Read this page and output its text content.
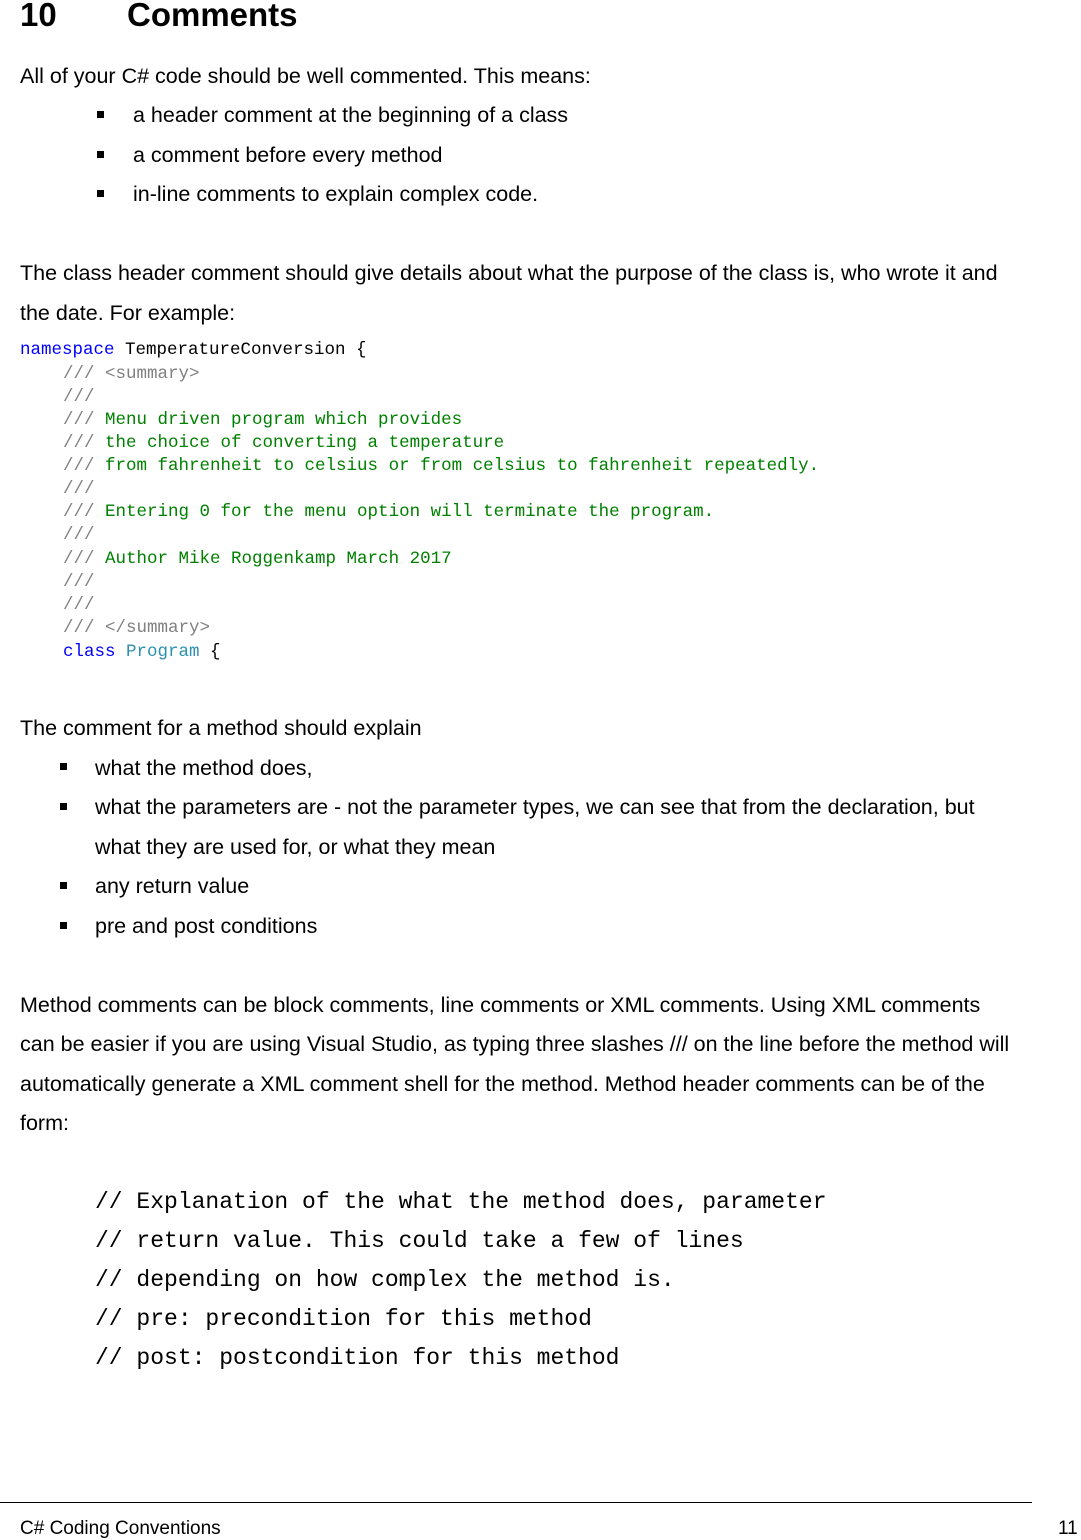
10 Comments
All of your C# code should be well commented. This means:
a header comment at the beginning of a class
a comment before every method
in-line comments to explain complex code.
The class header comment should give details about what the purpose of the class is, who wrote it and
the date. For example:
namespace TemperatureConversion {
/// <summary>
///
/// Menu driven program which provides
/// the choice of converting a temperature
/// from fahrenheit to celsius or from celsius to fahrenheit repeatedly.
///
/// Entering 0 for the menu option will terminate the program.
///
/// Author Mike Roggenkamp March 2017
///
///
/// </summary>
class Program {
The comment for a method should explain
what the method does,
what the parameters are - not the parameter types, we can see that from the declaration, but
what they are used for, or what they mean
any return value
pre and post conditions
Method comments can be block comments, line comments or XML comments. Using XML comments
can be easier if you are using Visual Studio, as typing three slashes /// on the line before the method will
automatically generate a XML comment shell for the method. Method header comments can be of the
form:
// Explanation of the what the method does, parameter
// return value. This could take a few of lines
// depending on how complex the method is.
// pre: precondition for this method
// post: postcondition for this method
C# Coding Conventions	11
